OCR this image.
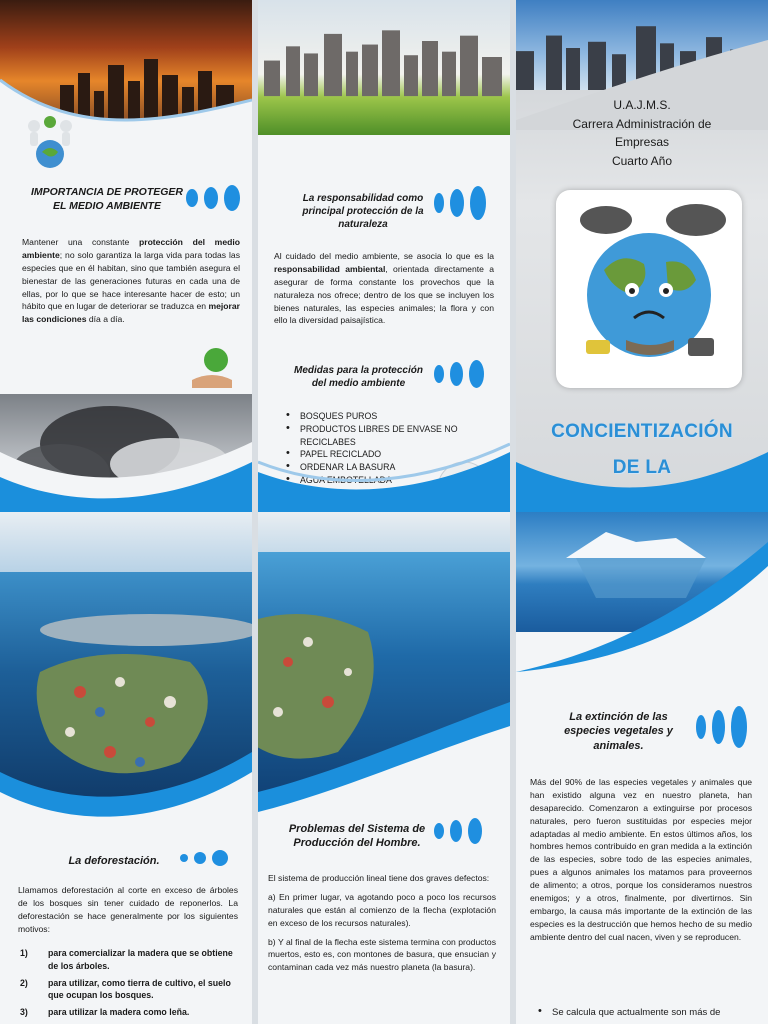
IMPORTANCIA DE PROTEGER
EL MEDIO AMBIENTE
Mantener una constante protección del medio ambiente; no solo garantiza la larga vida para todas las especies que en él habitan, sino que también asegura el bienestar de las generaciones futuras en cada una de ellas, por lo que se hace interesante hacer de esto; un hábito que en lugar de deteriorar se traduzca en mejorar las condiciones día a día.
La responsabilidad como
principal protección de la
naturaleza
Al cuidado del medio ambiente, se asocia lo que es la responsabilidad ambiental, orientada directamente a asegurar de forma constante los provechos que la naturaleza nos ofrece; dentro de los que se incluyen los bienes naturales, las especies animales; la flora y con ello la diversidad paisajística.
Medidas para la protección
del medio ambiente
• BOSQUES PUROS
• PRODUCTOS LIBRES DE ENVASE NO RECICLABES
• PAPEL RECICLADO
• ORDENAR LA BASURA
• AGUA EMBOTELLADA
U.A.J.M.S.
Carrera Administración de
Empresas
Cuarto Año
CONCIENTIZACIÓN
DE LA
La deforestación.
Llamamos deforestación al corte en exceso de árboles de los bosques sin tener cuidado de reponerlos. La deforestación se hace generalmente por los siguientes motivos:
1) para comercializar la madera que se obtiene de los árboles.
2) para utilizar, como tierra de cultivo, el suelo que ocupan los bosques.
3) para utilizar la madera como leña.
Problemas del Sistema de
Producción del Hombre.

El sistema de producción lineal tiene dos graves defectos:

a) En primer lugar, va agotando poco a poco los recursos naturales que están al comienzo de la flecha (explotación en exceso de los recursos naturales).

b) Y al final de la flecha este sistema termina con productos muertos, esto es, con montones de basura, que ensucian y contaminan cada vez más nuestro planeta (la basura).

La extinción de las
especies vegetales y
animales.
Más del 90% de las especies vegetales y animales que han existido alguna vez en nuestro planeta, han desaparecido. Comenzaron a extinguirse por procesos naturales, pero fueron sustituidas por especies mejor adaptadas al medio ambiente. En estos últimos años, los hombres hemos contribuido en gran medida a la extinción de las especies, sobre todo de las especies animales, pues a algunos animales los matamos para proveernos de alimento; a otros, porque los consideramos nuestros enemigos; y a otros, finalmente, por divertirnos. Sin embargo, la causa más importante de la extinción de las especies es la destrucción que hemos hecho de su medio ambiente dentro del cual nacen, viven y se reproducen.
• Se calcula que actualmente son más de
